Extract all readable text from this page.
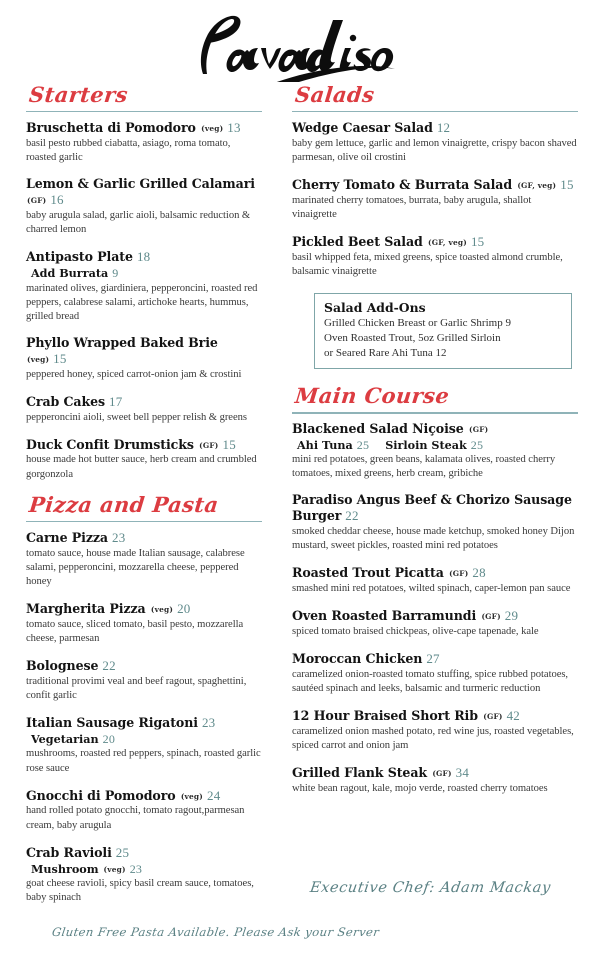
Starters
Bruschetta di Pomodoro (veg) 13
basil pesto rubbed ciabatta, asiago, roma tomato, roasted garlic
Lemon & Garlic Grilled Calamari (GF) 16
baby arugula salad, garlic aioli, balsamic reduction & charred lemon
Antipasto Plate 18
Add Burrata 9
marinated olives, giardiniera, pepperoncini, roasted red peppers, calabrese salami, artichoke hearts, hummus, grilled bread
Phyllo Wrapped Baked Brie (veg) 15
peppered honey, spiced carrot-onion jam & crostini
Crab Cakes 17
pepperoncini aioli, sweet bell pepper relish & greens
Duck Confit Drumsticks (GF) 15
house made hot butter sauce, herb cream and crumbled gorgonzola
Pizza and Pasta
Carne Pizza 23
tomato sauce, house made Italian sausage, calabrese salami, pepperoncini, mozzarella cheese, peppered honey
Margherita Pizza (veg) 20
tomato sauce, sliced tomato, basil pesto, mozzarella cheese, parmesan
Bolognese 22
traditional provimi veal and beef ragout, spaghettini, confit garlic
Italian Sausage Rigatoni 23
Vegetarian 20
mushrooms, roasted red peppers, spinach, roasted garlic rose sauce
Gnocchi di Pomodoro (veg) 24
hand rolled potato gnocchi, tomato ragout,parmesan cream, baby arugula
Crab Ravioli 25
Mushroom (veg) 23
goat cheese ravioli, spicy basil cream sauce, tomatoes, baby spinach
Salads
Wedge Caesar Salad 12
baby gem lettuce, garlic and lemon vinaigrette, crispy bacon shaved parmesan, olive oil crostini
Cherry Tomato & Burrata Salad (GF, veg) 15
marinated cherry tomatoes, burrata, baby arugula, shallot vinaigrette
Pickled Beet Salad (GF, veg) 15
basil whipped feta, mixed greens, spice toasted almond crumble, balsamic vinaigrette
Salad Add-Ons
Grilled Chicken Breast or Garlic Shrimp 9
Oven Roasted Trout, 5oz Grilled Sirloin
or Seared Rare Ahi Tuna 12
Main Course
Blackened Salad Niçoise (GF)
Ahi Tuna 25 Sirloin Steak 25
mini red potatoes, green beans, kalamata olives, roasted cherry tomatoes, mixed greens, herb cream, gribiche
Paradiso Angus Beef & Chorizo Sausage Burger 22
smoked cheddar cheese, house made ketchup, smoked honey Dijon mustard, sweet pickles, roasted mini red potatoes
Roasted Trout Picatta (GF) 28
smashed mini red potatoes, wilted spinach, caper-lemon pan sauce
Oven Roasted Barramundi (GF) 29
spiced tomato braised chickpeas, olive-cape tapenade, kale
Moroccan Chicken 27
caramelized onion-roasted tomato stuffing, spice rubbed potatoes, sautéed spinach and leeks, balsamic and turmeric reduction
12 Hour Braised Short Rib (GF) 42
caramelized onion mashed potato, red wine jus, roasted vegetables, spiced carrot and onion jam
Grilled Flank Steak (GF) 34
white bean ragout, kale, mojo verde, roasted cherry tomatoes
Gluten Free Pasta Available. Please Ask your Server
Executive Chef: Adam Mackay
